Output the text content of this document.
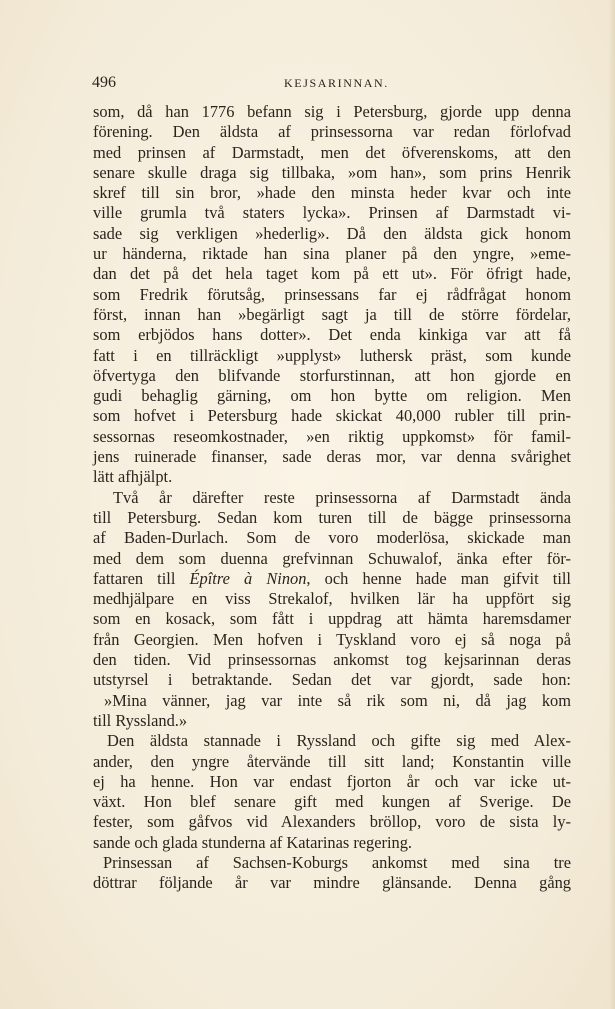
496	KEJSARINNAN.
som, då han 1776 befann sig i Petersburg, gjorde upp denna
förening. Den äldsta af prinsessorna var redan förlofvad
med prinsen af Darmstadt, men det öfverenskoms, att den
senare skulle draga sig tillbaka, »om han», som prins Henrik
skref till sin bror, »hade den minsta heder kvar och inte
ville grumla två staters lycka». Prinsen af Darmstadt vi-
sade sig verkligen »hederlig». Då den äldsta gick honom
ur händerna, riktade han sina planer på den yngre, »eme-
dan det på det hela taget kom på ett ut». För öfrigt hade,
som Fredrik förutsåg, prinsessans far ej rådfrågat honom
först, innan han »begärligt sagt ja till de större fördelar,
som erbjödos hans dotter». Det enda kinkiga var att få
fatt i en tillräckligt »upplyst» luthersk präst, som kunde
öfvertyga den blifvande storfurstinnan, att hon gjorde en
gudi behaglig gärning, om hon bytte om religion. Men
som hofvet i Petersburg hade skickat 40,000 rubler till prin-
sessornas reseomkostnader, »en riktig uppkomst» för famil-
jens ruinerade finanser, sade deras mor, var denna svårighet
lätt afhjälpt.
Två år därefter reste prinsessorna af Darmstadt ända
till Petersburg. Sedan kom turen till de bägge prinsessorna
af Baden-Durlach. Som de voro moderlösa, skickade man
med dem som duenna grefvinnan Schuwalof, änka efter för-
fattaren till Épître à Ninon, och henne hade man gifvit till
medhjälpare en viss Strekalof, hvilken lär ha uppfört sig
som en kosack, som fått i uppdrag att hämta haremsdamer
från Georgien. Men hofven i Tyskland voro ej så noga på
den tiden. Vid prinsessornas ankomst tog kejsarinnan deras
utstyrsel i betraktande. Sedan det var gjordt, sade hon:
»Mina vänner, jag var inte så rik som ni, då jag kom
till Ryssland.»
Den äldsta stannade i Ryssland och gifte sig med Alex-
ander, den yngre återvände till sitt land; Konstantin ville
ej ha henne. Hon var endast fjorton år och var icke ut-
växt. Hon blef senare gift med kungen af Sverige. De
fester, som gåfvos vid Alexanders bröllop, voro de sista ly-
sande och glada stunderna af Katarinas regering.
Prinsessan af Sachsen-Koburgs ankomst med sina tre
döttrar följande år var mindre glänsande. Denna gång
